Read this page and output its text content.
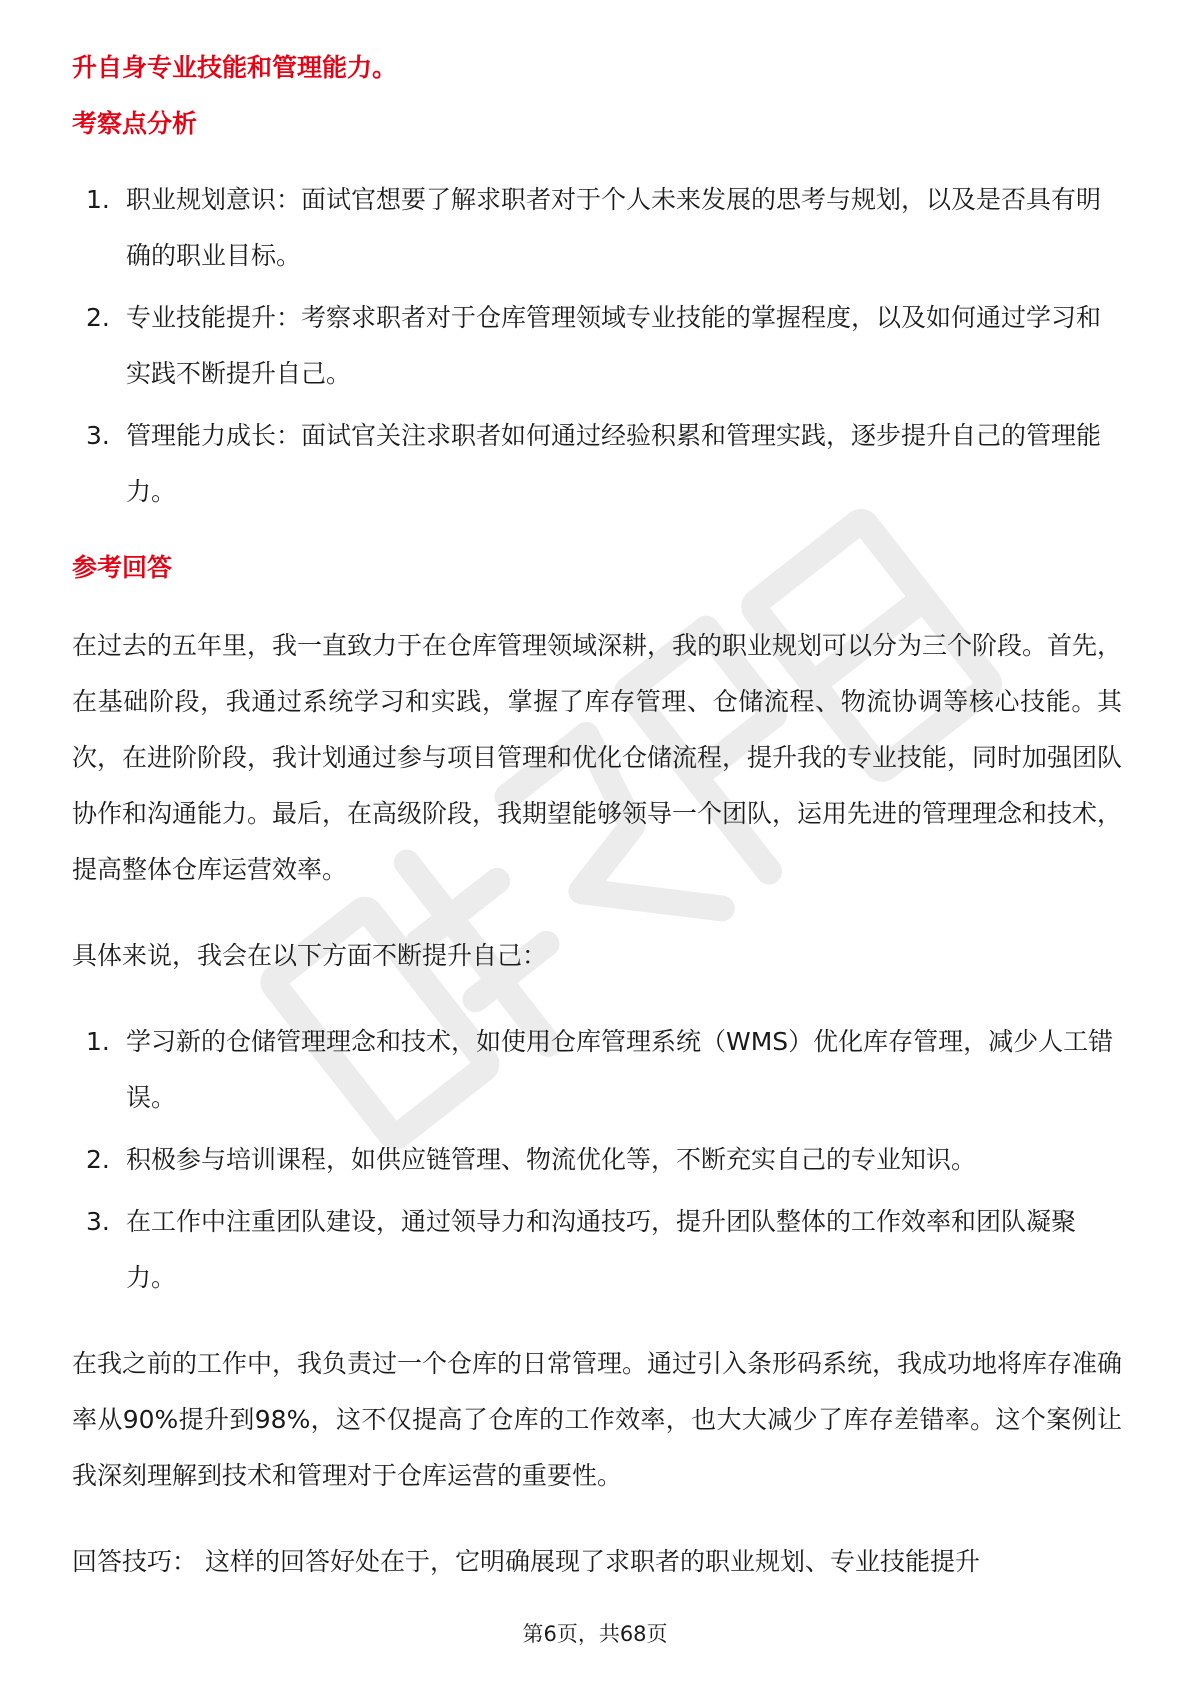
升自身专业技能和管理能力。

考察点分析
1. 职业规划意识：面试官想要了解求职者对于个人未来发展的思考与规划，以及是否具有明确的职业目标。
2. 专业技能提升：考察求职者对于仓库管理领域专业技能的掌握程度，以及如何通过学习和实践不断提升自己。
3. 管理能力成长：面试官关注求职者如何通过经验积累和管理实践，逐步提升自己的管理能力。
参考回答

在过去的五年里，我一直致力于在仓库管理领域深耕，我的职业规划可以分为三个阶段。首先，在基础阶段，我通过系统学习和实践，掌握了库存管理、仓储流程、物流协调等核心技能。其次，在进阶阶段，我计划通过参与项目管理和优化仓储流程，提升我的专业技能，同时加强团队协作和沟通能力。最后，在高级阶段，我期望能够领导一个团队，运用先进的管理理念和技术，提高整体仓库运营效率。

具体来说，我会在以下方面不断提升自己：

1. 学习新的仓储管理理念和技术，如使用仓库管理系统（WMS）优化库存管理，减少人工错误。
2. 积极参与培训课程，如供应链管理、物流优化等，不断充实自己的专业知识。
3. 在工作中注重团队建设，通过领导力和沟通技巧，提升团队整体的工作效率和团队凝聚力。

在我之前的工作中，我负责过一个仓库的日常管理。通过引入条形码系统，我成功地将库存准确率从90%提升到98%，这不仅提高了仓库的工作效率，也大大减少了库存差错率。这个案例让我深刻理解到技术和管理对于仓库运营的重要性。

回答技巧： 这样的回答好处在于，它明确展现了求职者的职业规划、专业技能提升

第6页，共68页
